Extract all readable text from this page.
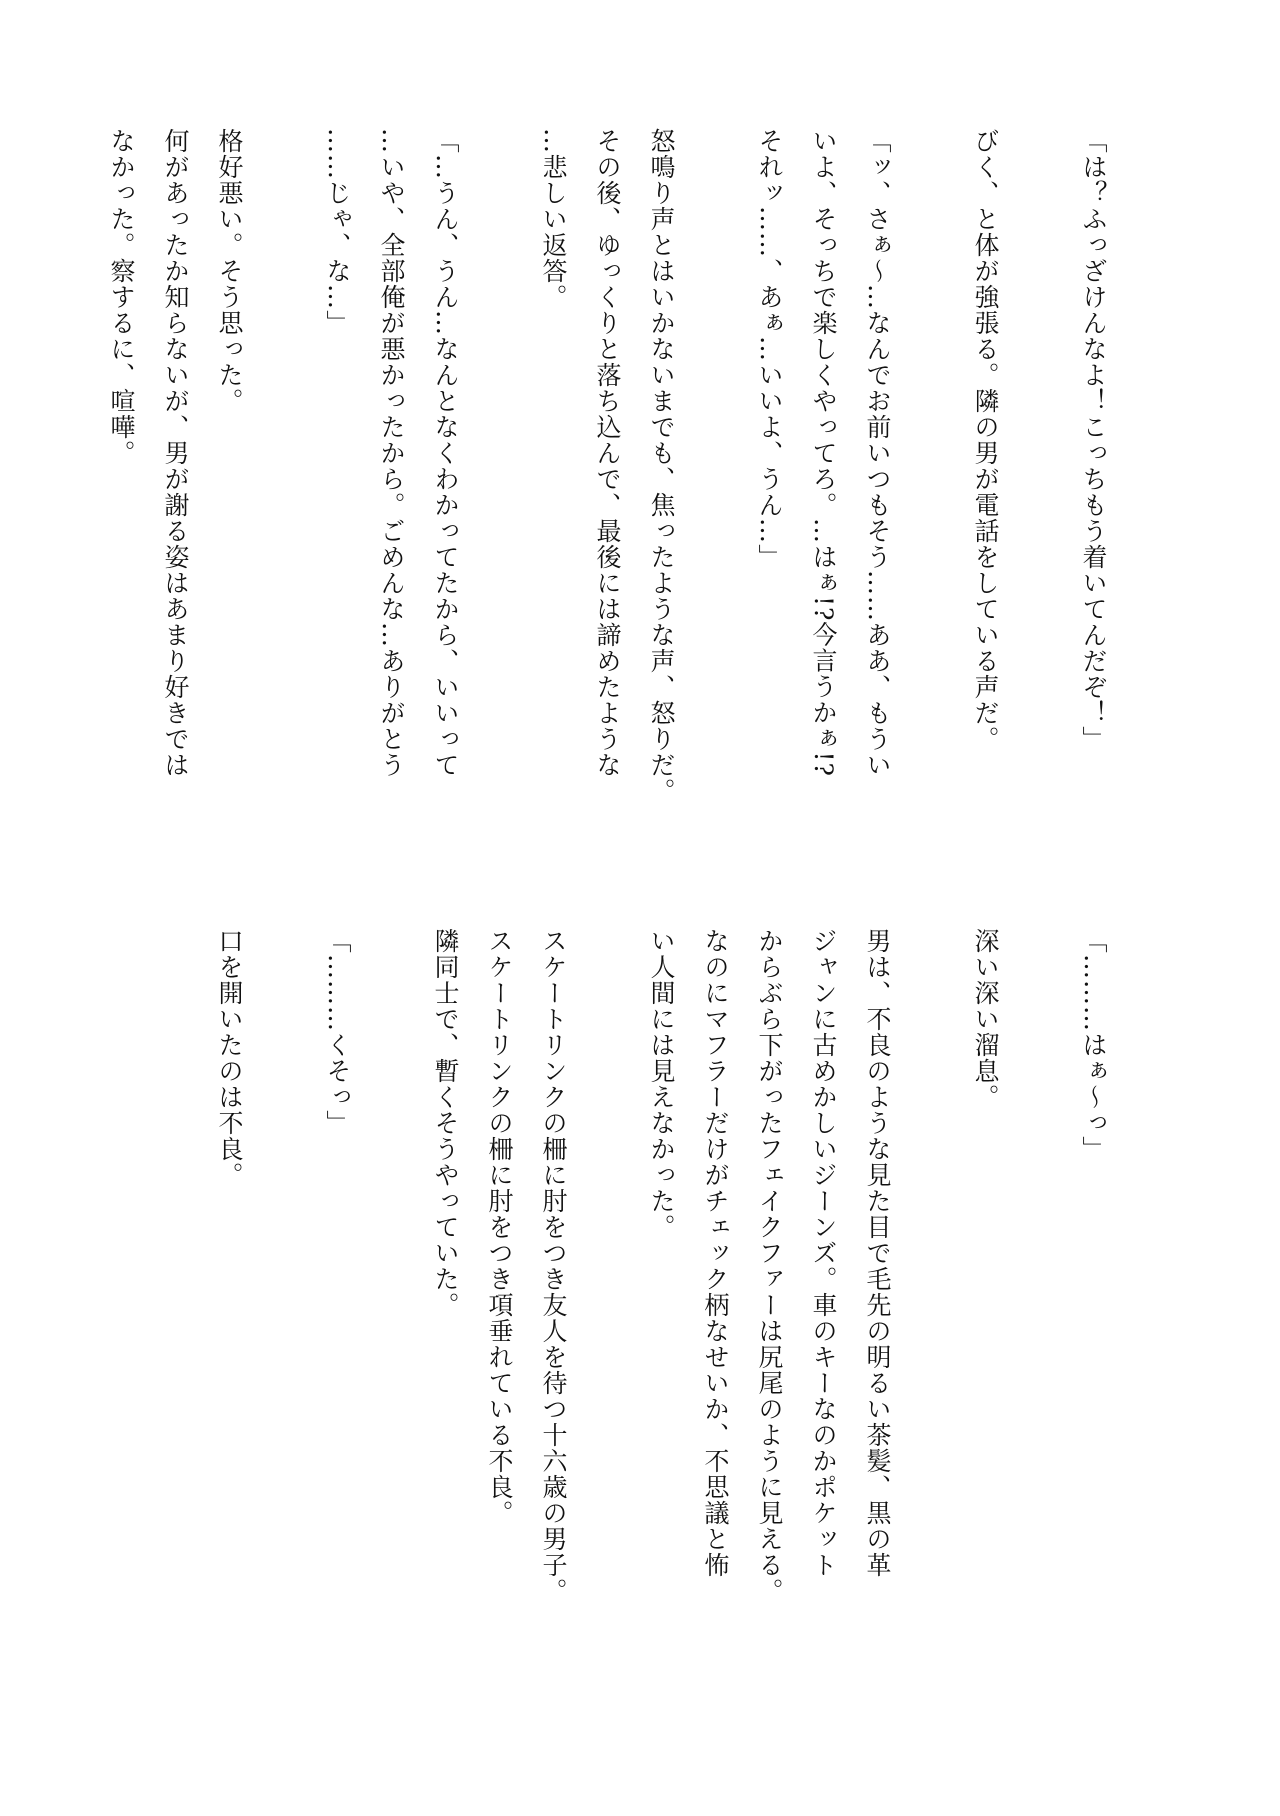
「は？ふっざけんなよ！こっちもう着いてんだぞ！」

びく、と体が強張る。隣の男が電話をしている声だ。

「ッ、さぁ～…なんでお前いつもそう……ああ、もうい
いよ、そっちで楽しくやってろ。…はぁ!?今言うかぁ!?
それッ……、あぁ…いいよ、うん…」

怒鳴り声とはいかないまでも、焦ったような声、怒りだ。
その後、ゆっくりと落ち込んで、最後には諦めたような
…悲しい返答。

「…うん、うん…なんとなくわかってたから、いいって
…いや、全部俺が悪かったから。ごめんな…ありがとう
……じゃ、な…」

格好悪い。そう思った。
何があったか知らないが、男が謝る姿はあまり好きでは
なかった。察するに、喧嘩。
「………はぁ～っ」

深い深い溜息。

男は、不良のような見た目で毛先の明るい茶髪、黒の革
ジャンに古めかしいジーンズ。車のキーなのかポケット
からぶら下がったフェイクファーは尻尾のように見える。
なのにマフラーだけがチェック柄なせいか、不思議と怖
い人間には見えなかった。

スケートリンクの柵に肘をつき友人を待つ十六歳の男子。
スケートリンクの柵に肘をつき項垂れている不良。
隣同士で、暫くそうやっていた。

「………くそっ」

口を開いたのは不良。
